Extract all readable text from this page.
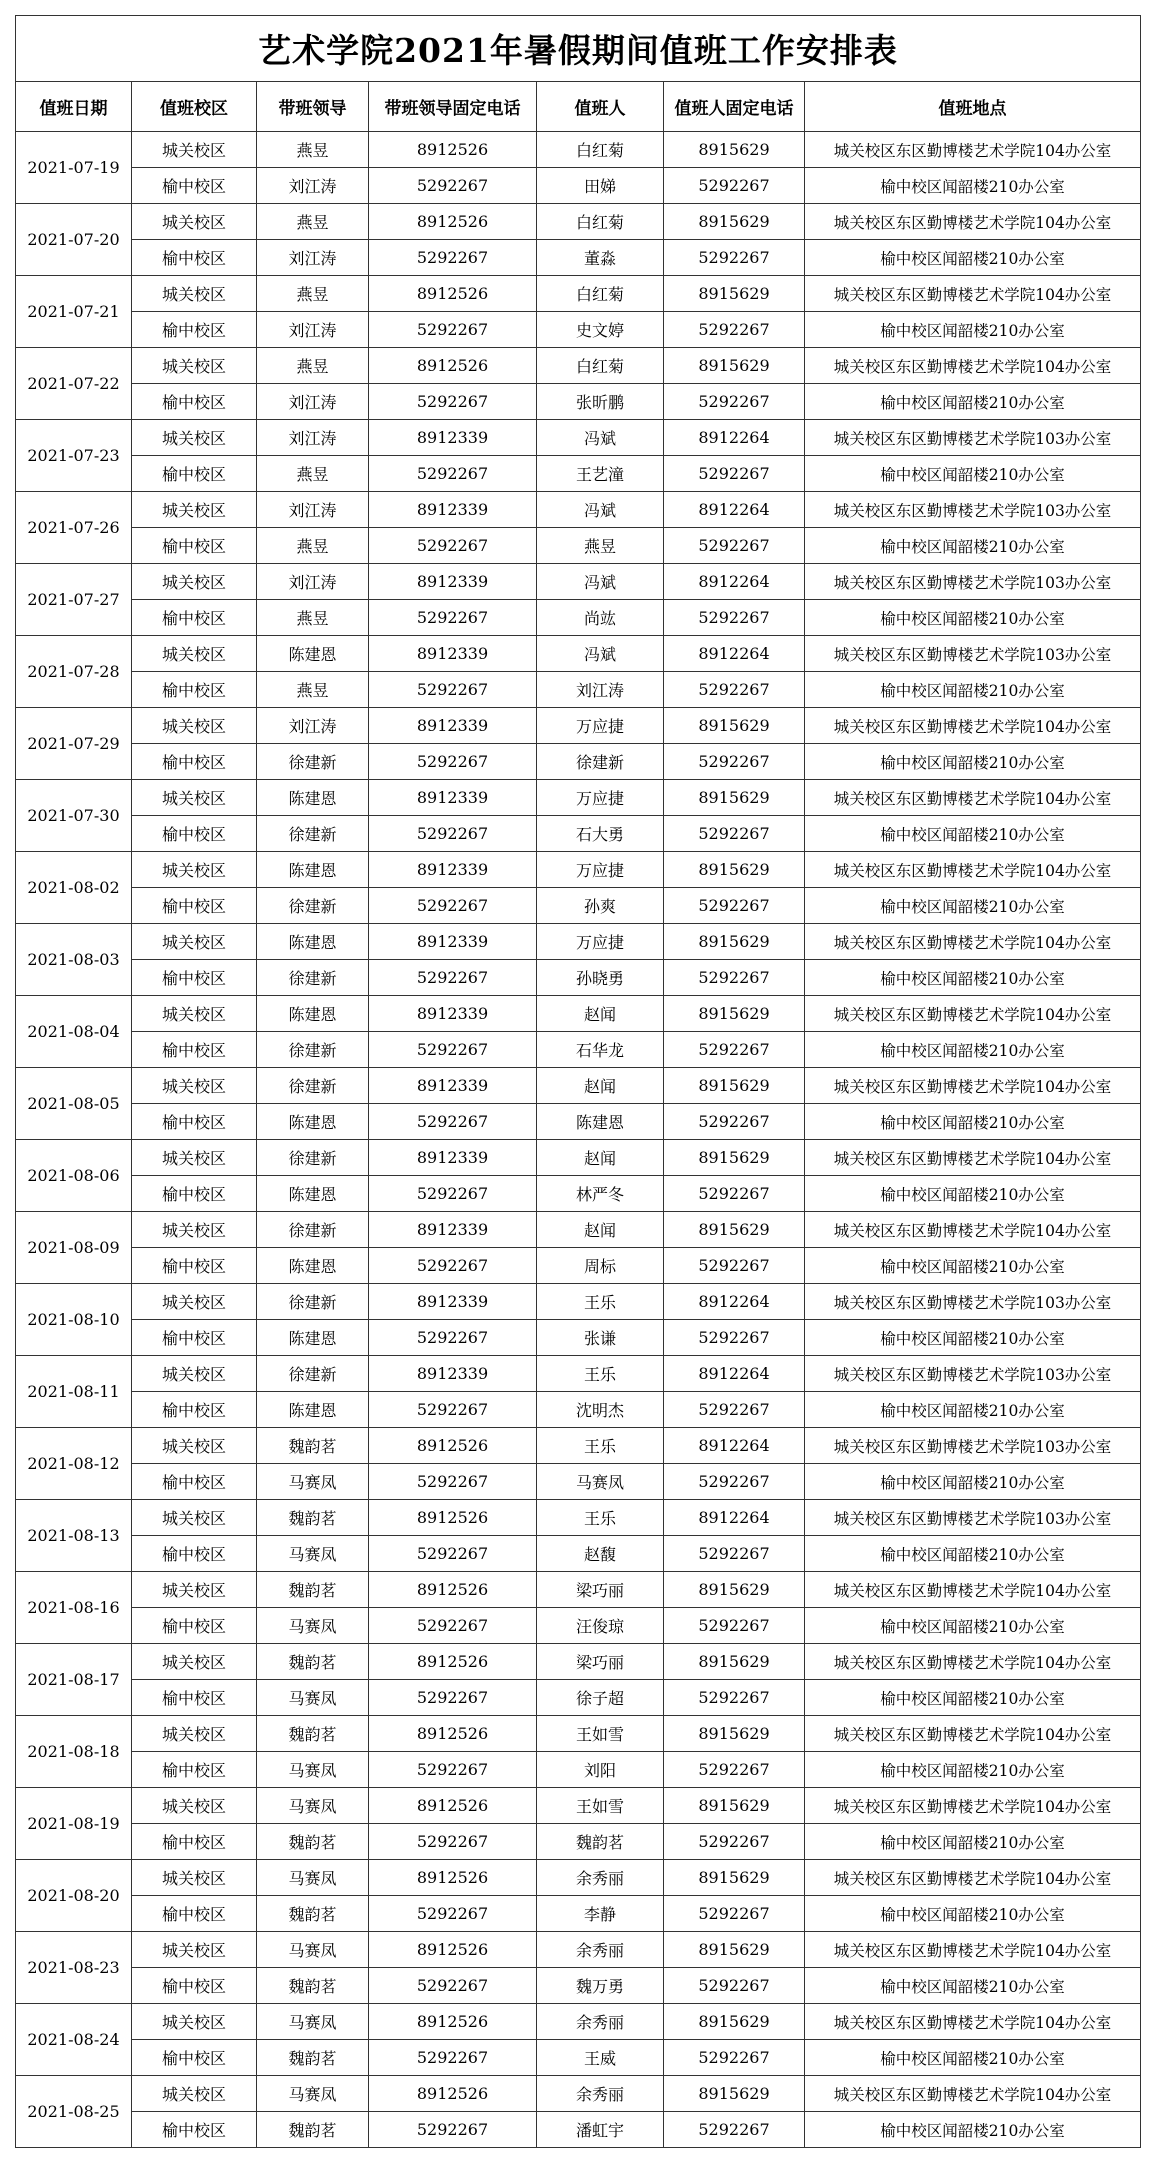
艺术学院2021年暑假期间值班工作安排表						
值班日期	值班校区	带班领导	带班领导固定电话	值班人	值班人固定电话	值班地点
2021-07-19	城关校区	燕昱	8912526	白红菊	8915629	城关校区东区勤博楼艺术学院104办公室
	榆中校区	刘江涛	5292267	田娣	5292267	榆中校区闻韶楼210办公室
2021-07-20	城关校区	燕昱	8912526	白红菊	8915629	城关校区东区勤博楼艺术学院104办公室
	榆中校区	刘江涛	5292267	董淼	5292267	榆中校区闻韶楼210办公室
2021-07-21	城关校区	燕昱	8912526	白红菊	8915629	城关校区东区勤博楼艺术学院104办公室
	榆中校区	刘江涛	5292267	史文婷	5292267	榆中校区闻韶楼210办公室
2021-07-22	城关校区	燕昱	8912526	白红菊	8915629	城关校区东区勤博楼艺术学院104办公室
	榆中校区	刘江涛	5292267	张昕鹏	5292267	榆中校区闻韶楼210办公室
2021-07-23	城关校区	刘江涛	8912339	冯斌	8912264	城关校区东区勤博楼艺术学院103办公室
	榆中校区	燕昱	5292267	王艺潼	5292267	榆中校区闻韶楼210办公室
2021-07-26	城关校区	刘江涛	8912339	冯斌	8912264	城关校区东区勤博楼艺术学院103办公室
	榆中校区	燕昱	5292267	燕昱	5292267	榆中校区闻韶楼210办公室
2021-07-27	城关校区	刘江涛	8912339	冯斌	8912264	城关校区东区勤博楼艺术学院103办公室
	榆中校区	燕昱	5292267	尚竑	5292267	榆中校区闻韶楼210办公室
2021-07-28	城关校区	陈建恩	8912339	冯斌	8912264	城关校区东区勤博楼艺术学院103办公室
	榆中校区	燕昱	5292267	刘江涛	5292267	榆中校区闻韶楼210办公室
2021-07-29	城关校区	刘江涛	8912339	万应捷	8915629	城关校区东区勤博楼艺术学院104办公室
	榆中校区	徐建新	5292267	徐建新	5292267	榆中校区闻韶楼210办公室
2021-07-30	城关校区	陈建恩	8912339	万应捷	8915629	城关校区东区勤博楼艺术学院104办公室
	榆中校区	徐建新	5292267	石大勇	5292267	榆中校区闻韶楼210办公室
2021-08-02	城关校区	陈建恩	8912339	万应捷	8915629	城关校区东区勤博楼艺术学院104办公室
	榆中校区	徐建新	5292267	孙爽	5292267	榆中校区闻韶楼210办公室
2021-08-03	城关校区	陈建恩	8912339	万应捷	8915629	城关校区东区勤博楼艺术学院104办公室
	榆中校区	徐建新	5292267	孙晓勇	5292267	榆中校区闻韶楼210办公室
2021-08-04	城关校区	陈建恩	8912339	赵闻	8915629	城关校区东区勤博楼艺术学院104办公室
	榆中校区	徐建新	5292267	石华龙	5292267	榆中校区闻韶楼210办公室
2021-08-05	城关校区	徐建新	8912339	赵闻	8915629	城关校区东区勤博楼艺术学院104办公室
	榆中校区	陈建恩	5292267	陈建恩	5292267	榆中校区闻韶楼210办公室
2021-08-06	城关校区	徐建新	8912339	赵闻	8915629	城关校区东区勤博楼艺术学院104办公室
	榆中校区	陈建恩	5292267	林严冬	5292267	榆中校区闻韶楼210办公室
2021-08-09	城关校区	徐建新	8912339	赵闻	8915629	城关校区东区勤博楼艺术学院104办公室
	榆中校区	陈建恩	5292267	周标	5292267	榆中校区闻韶楼210办公室
2021-08-10	城关校区	徐建新	8912339	王乐	8912264	城关校区东区勤博楼艺术学院103办公室
	榆中校区	陈建恩	5292267	张谦	5292267	榆中校区闻韶楼210办公室
2021-08-11	城关校区	徐建新	8912339	王乐	8912264	城关校区东区勤博楼艺术学院103办公室
	榆中校区	陈建恩	5292267	沈明杰	5292267	榆中校区闻韶楼210办公室
2021-08-12	城关校区	魏韵茗	8912526	王乐	8912264	城关校区东区勤博楼艺术学院103办公室
	榆中校区	马赛凤	5292267	马赛凤	5292267	榆中校区闻韶楼210办公室
2021-08-13	城关校区	魏韵茗	8912526	王乐	8912264	城关校区东区勤博楼艺术学院103办公室
	榆中校区	马赛凤	5292267	赵馥	5292267	榆中校区闻韶楼210办公室
2021-08-16	城关校区	魏韵茗	8912526	梁巧丽	8915629	城关校区东区勤博楼艺术学院104办公室
	榆中校区	马赛凤	5292267	汪俊琼	5292267	榆中校区闻韶楼210办公室
2021-08-17	城关校区	魏韵茗	8912526	梁巧丽	8915629	城关校区东区勤博楼艺术学院104办公室
	榆中校区	马赛凤	5292267	徐子超	5292267	榆中校区闻韶楼210办公室
2021-08-18	城关校区	魏韵茗	8912526	王如雪	8915629	城关校区东区勤博楼艺术学院104办公室
	榆中校区	马赛凤	5292267	刘阳	5292267	榆中校区闻韶楼210办公室
2021-08-19	城关校区	马赛凤	8912526	王如雪	8915629	城关校区东区勤博楼艺术学院104办公室
	榆中校区	魏韵茗	5292267	魏韵茗	5292267	榆中校区闻韶楼210办公室
2021-08-20	城关校区	马赛凤	8912526	余秀丽	8915629	城关校区东区勤博楼艺术学院104办公室
	榆中校区	魏韵茗	5292267	李静	5292267	榆中校区闻韶楼210办公室
2021-08-23	城关校区	马赛凤	8912526	余秀丽	8915629	城关校区东区勤博楼艺术学院104办公室
	榆中校区	魏韵茗	5292267	魏万勇	5292267	榆中校区闻韶楼210办公室
2021-08-24	城关校区	马赛凤	8912526	余秀丽	8915629	城关校区东区勤博楼艺术学院104办公室
	榆中校区	魏韵茗	5292267	王威	5292267	榆中校区闻韶楼210办公室
2021-08-25	城关校区	马赛凤	8912526	余秀丽	8915629	城关校区东区勤博楼艺术学院104办公室
	榆中校区	魏韵茗	5292267	潘虹宇	5292267	榆中校区闻韶楼210办公室
